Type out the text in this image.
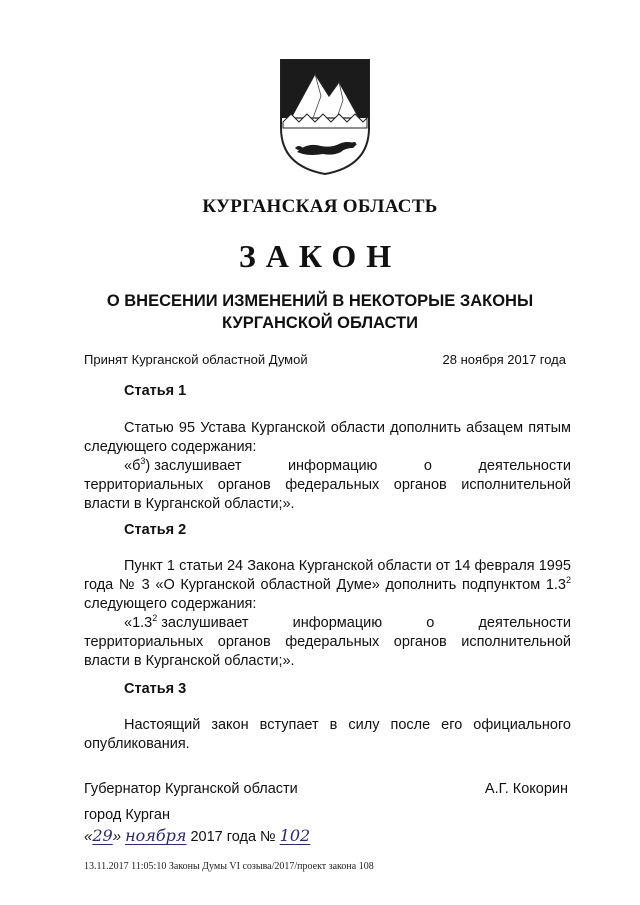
КУРГАНСКАЯ ОБЛАСТЬ
ЗАКОН
О ВНЕСЕНИИ ИЗМЕНЕНИЙ В НЕКОТОРЫЕ ЗАКОНЫ
КУРГАНСКОЙ ОБЛАСТИ
Принят Курганской областной Думой	28 ноября 2017 года
Статья 1

Статью 95 Устава Курганской области дополнить абзацем пятым следующего содержания:

«$б^3$) заслушивает	информацию	о	деятельности

территориальных органов федеральных органов исполнительной власти в Курганской области;».

Статья 2

Пункт 1 статьи 24 Закона Курганской области от 14 февраля 1995 года № 3 «О Курганской областной Думе» дополнить подпунктом $1.3^2$ следующего содержания:

«$1.3^2$ заслушивает	информацию	о	деятельности

территориальных органов федеральных органов исполнительной власти в Курганской области;».

Статья 3

Настоящий закон вступает в силу после его официального опубликования.

Губернатор Курганской области	А.Г. Кокорин
город Курган
«29» ноября 2017 года № 102
13.11.2017 11:05:10 Законы Думы VI созыва/2017/проект закона 108
